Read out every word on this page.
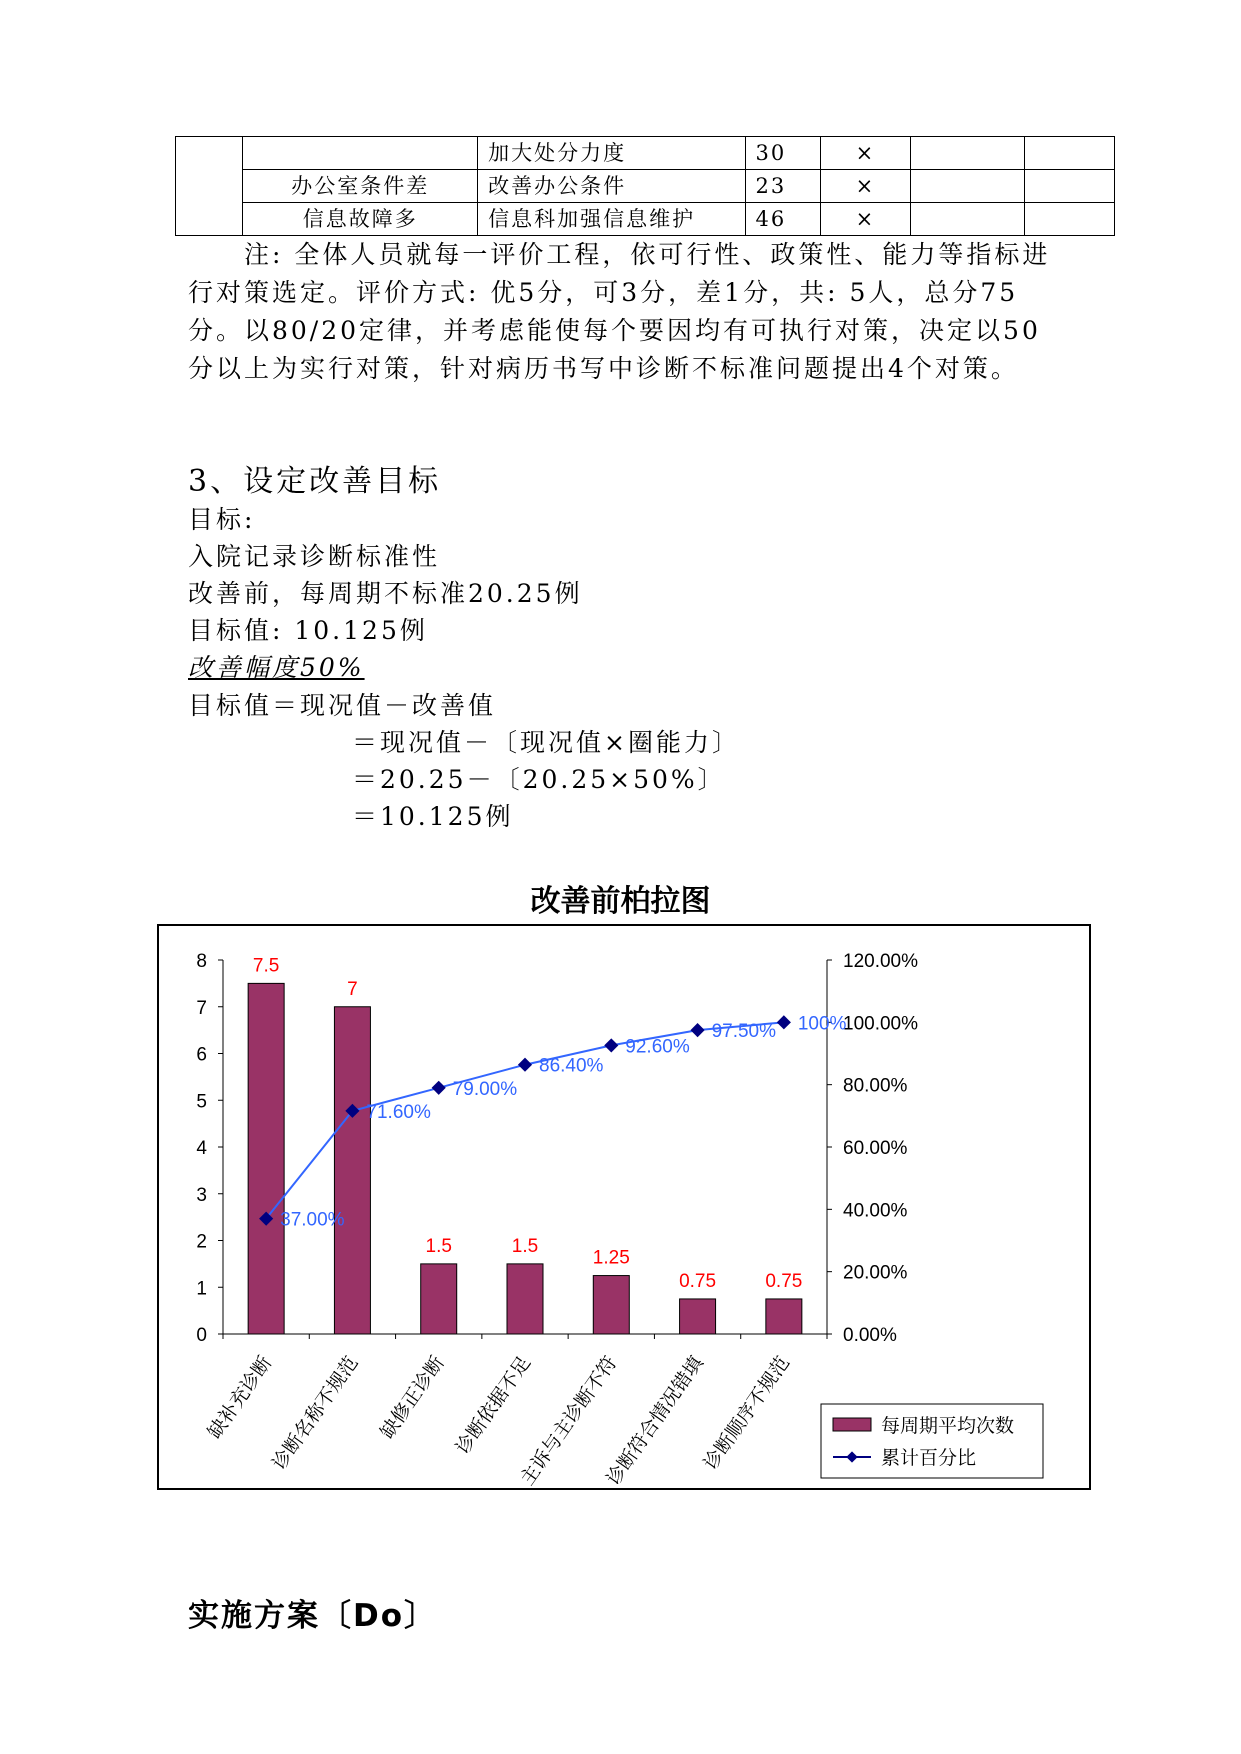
		加大处分力度	30	×		
	办公室条件差	改善办公条件	23	×		
	信息故障多	信息科加强信息维护	46	×		
注: 全体人员就每一评价工程，依可行性、政策性、能力等指标进行对策选定。评价方式: 优5分，可3分，差1分，共: 5人，总分75分。以80/20定律，并考虑能使每个要因均有可执行对策，决定以50分以上为实行对策，针对病历书写中诊断不标准问题提出4个对策。
3、设定改善目标
目标:
入院记录诊断标准性
改善前，每周期不标准20.25例
目标值: 10.125例
改善幅度50%
目标值＝现况值－改善值
＝现况值－〔现况值×圈能力〕
＝20.25－〔20.25×50%〕
＝10.125例
改善前柏拉图
0
1
2
3
4
5
6
7
8
0.00%
20.00%
40.00%
60.00%
80.00%
100.00%
120.00%
7.5
7
1.5	1.5
1.25
0.75	0.75
37.00%
71.60%
79.00%
86.40%
92.60%
97.50% 100%
缺补充诊断
诊断名称不规范 缺修正诊断 诊断依据不足
主诉与主诊断不符
诊断符合情况错填
诊断顺序不规范	每周期平均次数
累计百分比
实施方案〔Do〕
